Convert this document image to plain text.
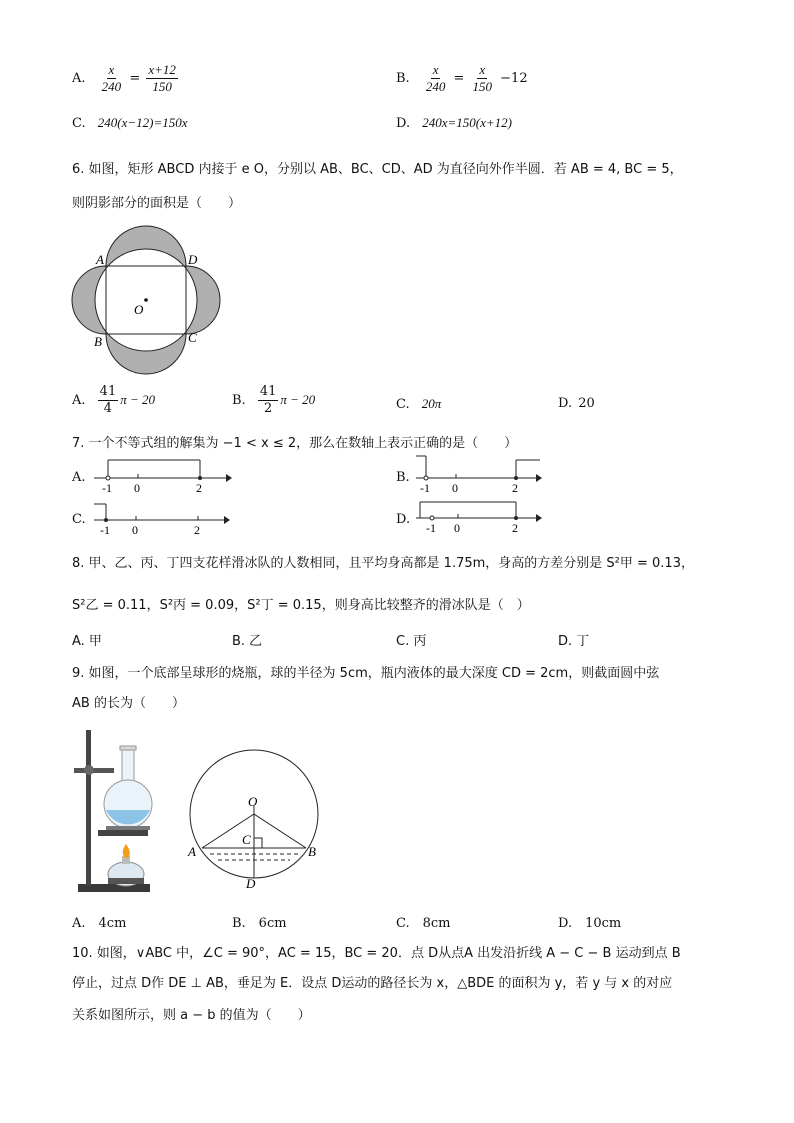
A. $\frac{x}{240} = \frac{x+12}{150}$	B. $\frac{x}{240} = \frac{x}{150} -12$
C. 240(x−12)=150x	D. 240x=150(x+12)
6. 如图，矩形 ABCD 内接于 e O，分别以 AB、BC、CD、AD 为直径向外作半圆．若 AB = 4, BC = 5，
则阴影部分的面积是（　　）
A	D
B	C
O
A. $\frac{41}{4}$ π − 20	B. $\frac{41}{2}$ π − 20	C. 20π	D. 20
7. 一个不等式组的解集为 −1 < x ≤ 2，那么在数轴上表示正确的是（　　）
A.
-1 0	2
B.
-1 0	2
C.
-1 0	2
D.
-1 0	2
8. 甲、乙、丙、丁四支花样滑冰队的人数相同，且平均身高都是 1.75m，身高的方差分别是 S²甲 = 0.13，
S²乙 = 0.11，S²丙 = 0.09，S²丁 = 0.15，则身高比较整齐的滑冰队是（　）
A. 甲	B. 乙	C. 丙	D. 丁
9. 如图，一个底部呈球形的烧瓶，球的半径为 5cm，瓶内液体的最大深度 CD = 2cm，则截面圆中弦
AB 的长为（　　）
O
C
A	B
D
A.　4cm	B.　6cm	C.　8cm	D.　10cm
10. 如图，∨ABC 中，∠C = 90°，AC = 15，BC = 20．点 D从点A 出发沿折线 A − C − B 运动到点 B
停止，过点 D作 DE ⊥ AB，垂足为 E．设点 D运动的路径长为 x，△BDE 的面积为 y，若 y 与 x 的对应
关系如图所示，则 a − b 的值为（　　）
